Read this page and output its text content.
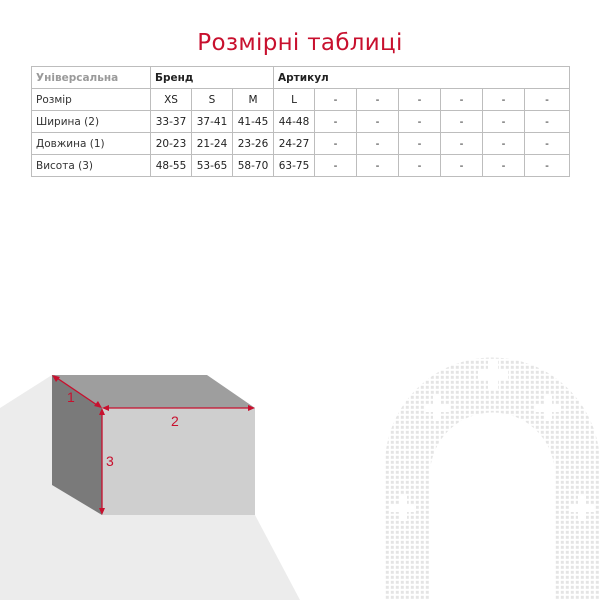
Розмірні таблиці
Універсальна	Бренд			Артикул						
Розмір	XS	S	M	L	-	-	-	-	-	-
Ширина (2)	33-37	37-41	41-45	44-48	-	-	-	-	-	-
Довжина (1)	20-23	21-24	23-26	24-27	-	-	-	-	-	-
Висота (3)	48-55	53-65	58-70	63-75	-	-	-	-	-	-
1
2
3
